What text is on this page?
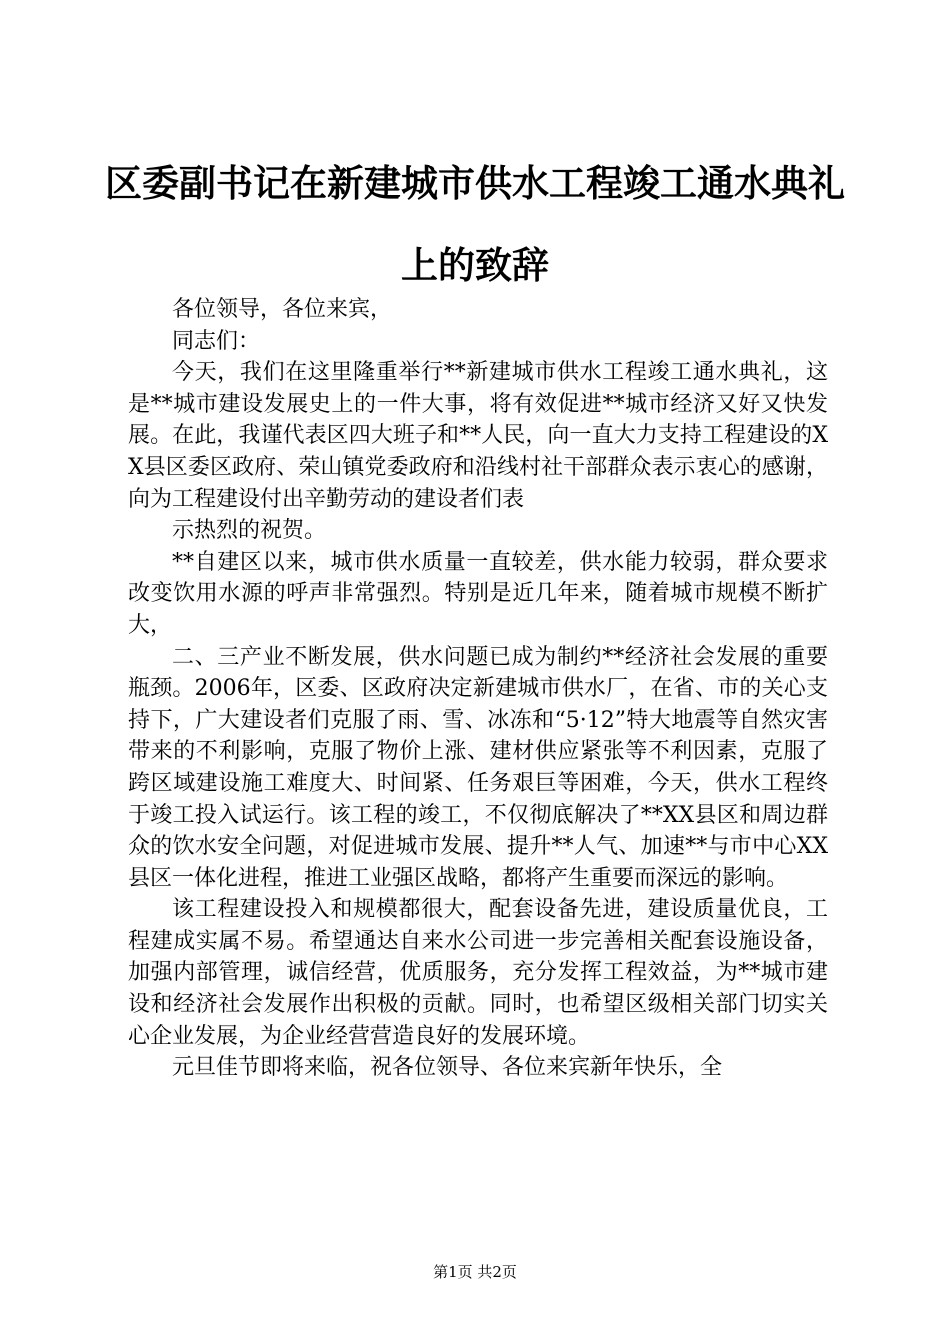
区委副书记在新建城市供水工程竣工通水典礼
上的致辞

各位领导，各位来宾，

同志们：

今天，我们在这里隆重举行**新建城市供水工程竣工通水典礼，这是**城市建设发展史上的一件大事，将有效促进**城市经济又好又快发展。在此，我谨代表区四大班子和**人民，向一直大力支持工程建设的XX县区委区政府、荣山镇党委政府和沿线村社干部群众表示衷心的感谢，向为工程建设付出辛勤劳动的建设者们表

示热烈的祝贺。

**自建区以来，城市供水质量一直较差，供水能力较弱，群众要求改变饮用水源的呼声非常强烈。特别是近几年来，随着城市规模不断扩大，

二、三产业不断发展，供水问题已成为制约**经济社会发展的重要瓶颈。2006年，区委、区政府决定新建城市供水厂，在省、市的关心支持下，广大建设者们克服了雨、雪、冰冻和“5·12”特大地震等自然灾害带来的不利影响，克服了物价上涨、建材供应紧张等不利因素，克服了跨区域建设施工难度大、时间紧、任务艰巨等困难，今天，供水工程终于竣工投入试运行。该工程的竣工，不仅彻底解决了**XX县区和周边群众的饮水安全问题，对促进城市发展、提升**人气、加速**与市中心XX县区一体化进程，推进工业强区战略，都将产生重要而深远的影响。

该工程建设投入和规模都很大，配套设备先进，建设质量优良，工程建成实属不易。希望通达自来水公司进一步完善相关配套设施设备，加强内部管理，诚信经营，优质服务，充分发挥工程效益，为**城市建设和经济社会发展作出积极的贡献。同时，也希望区级相关部门切实关心企业发展，为企业经营营造良好的发展环境。

元旦佳节即将来临，祝各位领导、各位来宾新年快乐，全

第1页 共2页
